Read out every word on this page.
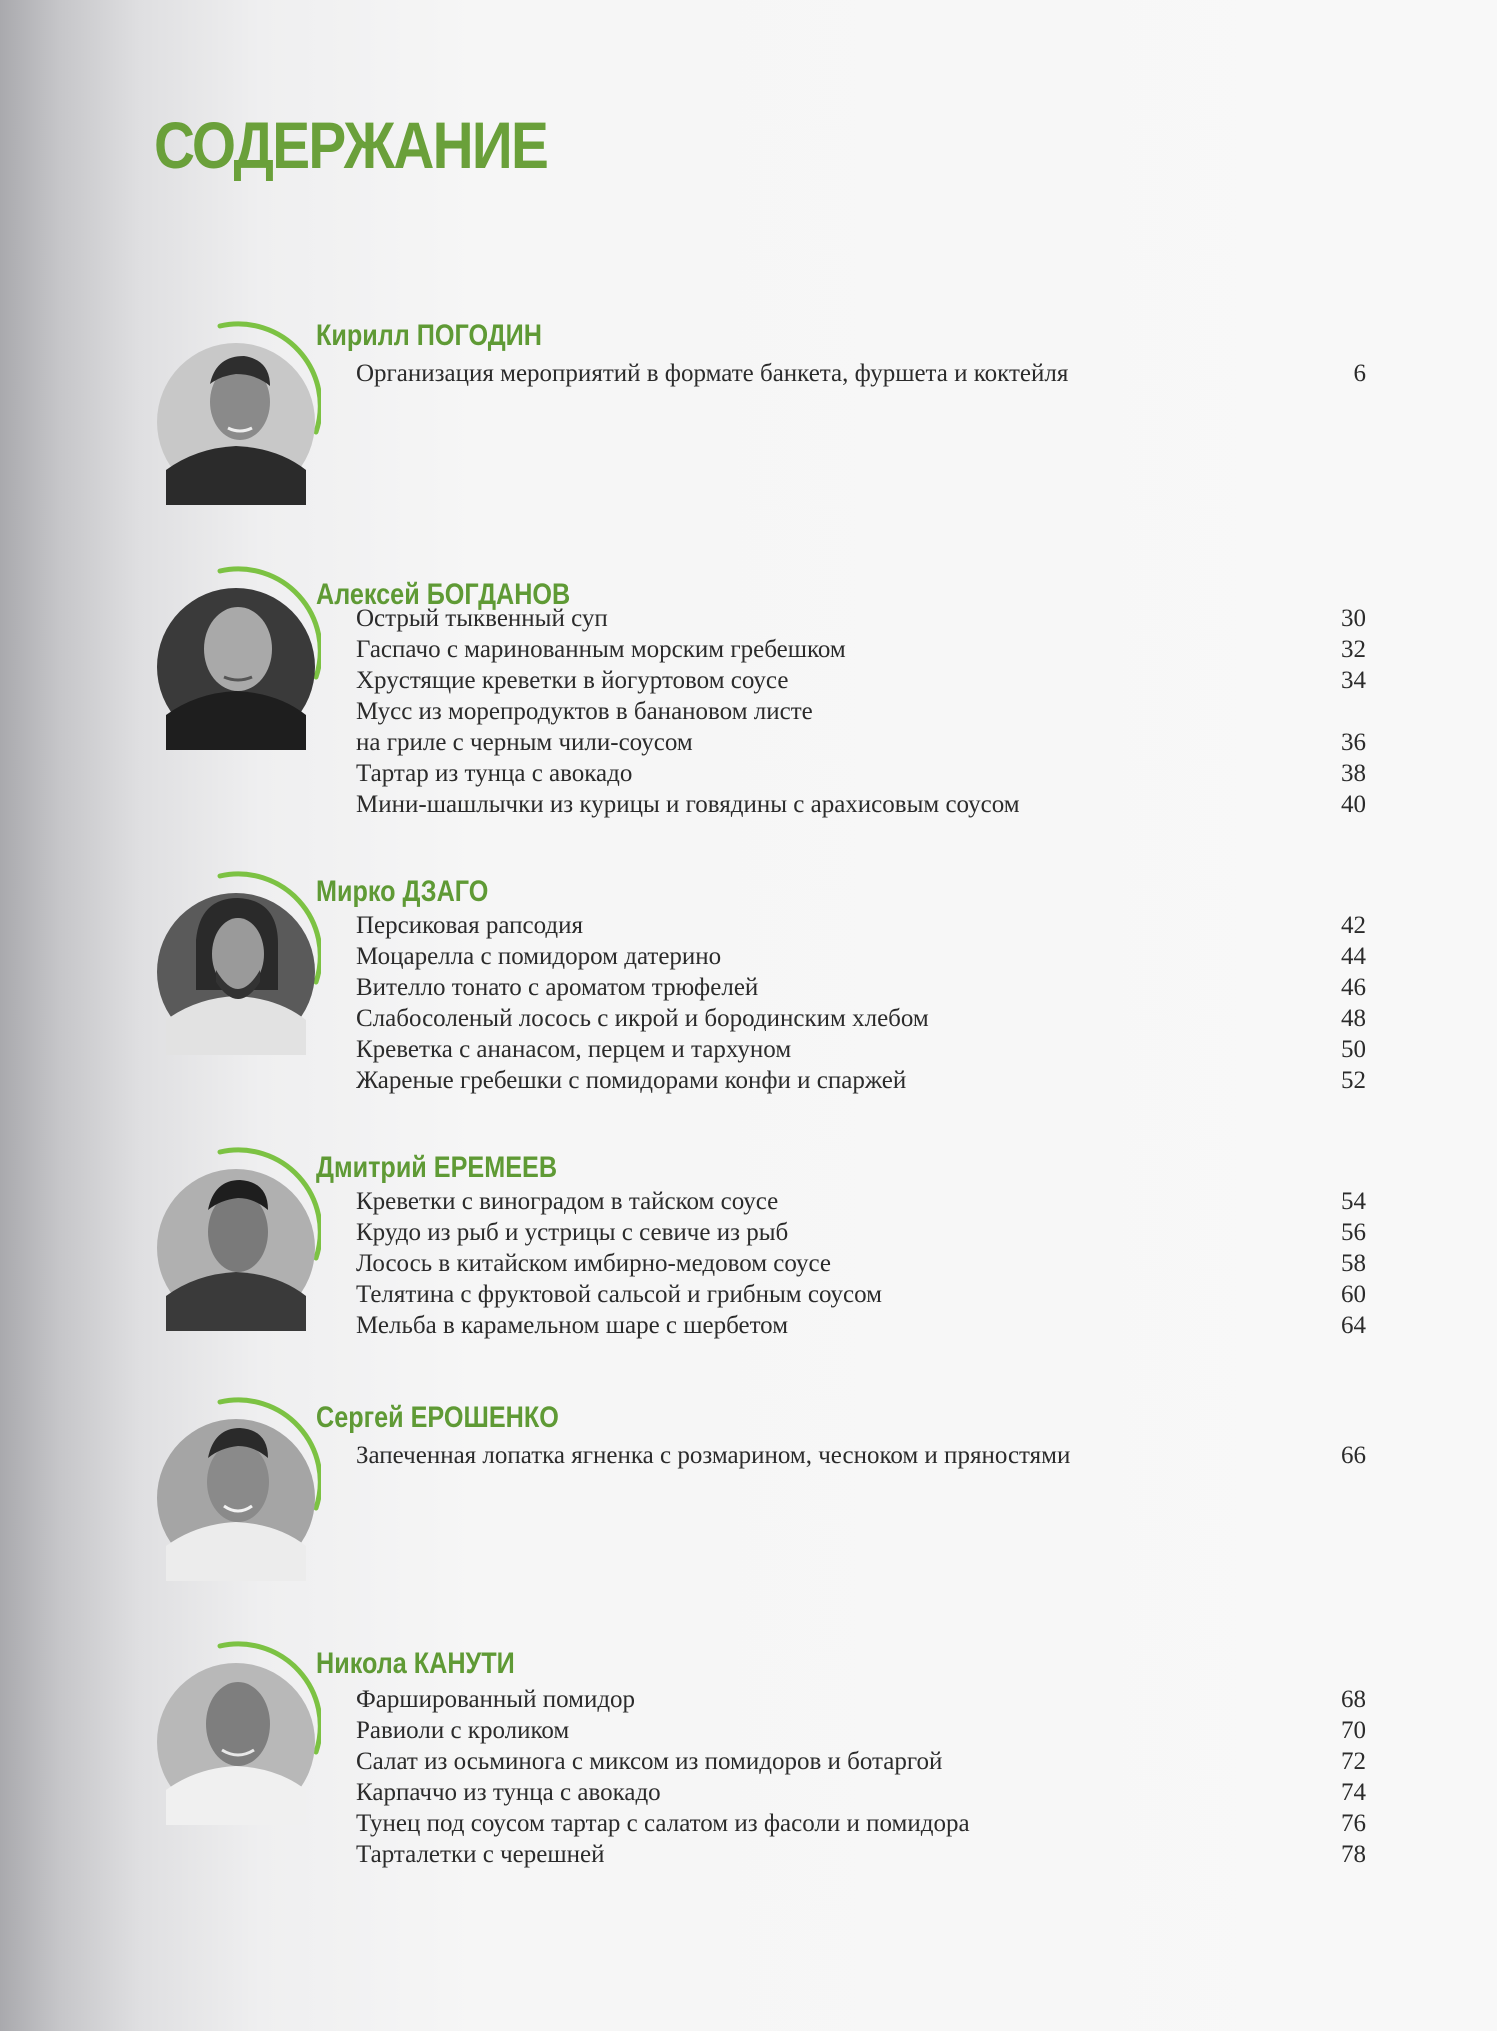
СОДЕРЖАНИЕ
Кирилл ПОГОДИН
Организация мероприятий в формате банкета, фуршета и коктейля	6
Алексей БОГДАНОВ
Острый тыквенный суп	30
Гаспачо с маринованным морским гребешком	32
Хрустящие креветки в йогуртовом соусе	34
Мусс из морепродуктов в банановом листе
на гриле с черным чили-соусом	36
Тартар из тунца с авокадо	38
Мини-шашлычки из курицы и говядины с арахисовым соусом	40
Мирко ДЗАГО
Персиковая рапсодия	42
Моцарелла с помидором датерино	44
Вителло тонато с ароматом трюфелей	46
Слабосоленый лосось с икрой и бородинским хлебом	48
Креветка с ананасом, перцем и тархуном	50
Жареные гребешки с помидорами конфи и спаржей	52
Дмитрий ЕРЕМЕЕВ
Креветки с виноградом в тайском соусе	54
Крудо из рыб и устрицы с севиче из рыб	56
Лосось в китайском имбирно-медовом соусе	58
Телятина с фруктовой сальсой и грибным соусом	60
Мельба в карамельном шаре с шербетом	64
Сергей ЕРОШЕНКО
Запеченная лопатка ягненка с розмарином, чесноком и пряностями	66
Никола КАНУТИ
Фаршированный помидор	68
Равиоли с кроликом	70
Салат из осьминога с миксом из помидоров и ботаргой	72
Карпаччо из тунца с авокадо	74
Тунец под соусом тартар с салатом из фасоли и помидора	76
Тарталетки с черешней	78
